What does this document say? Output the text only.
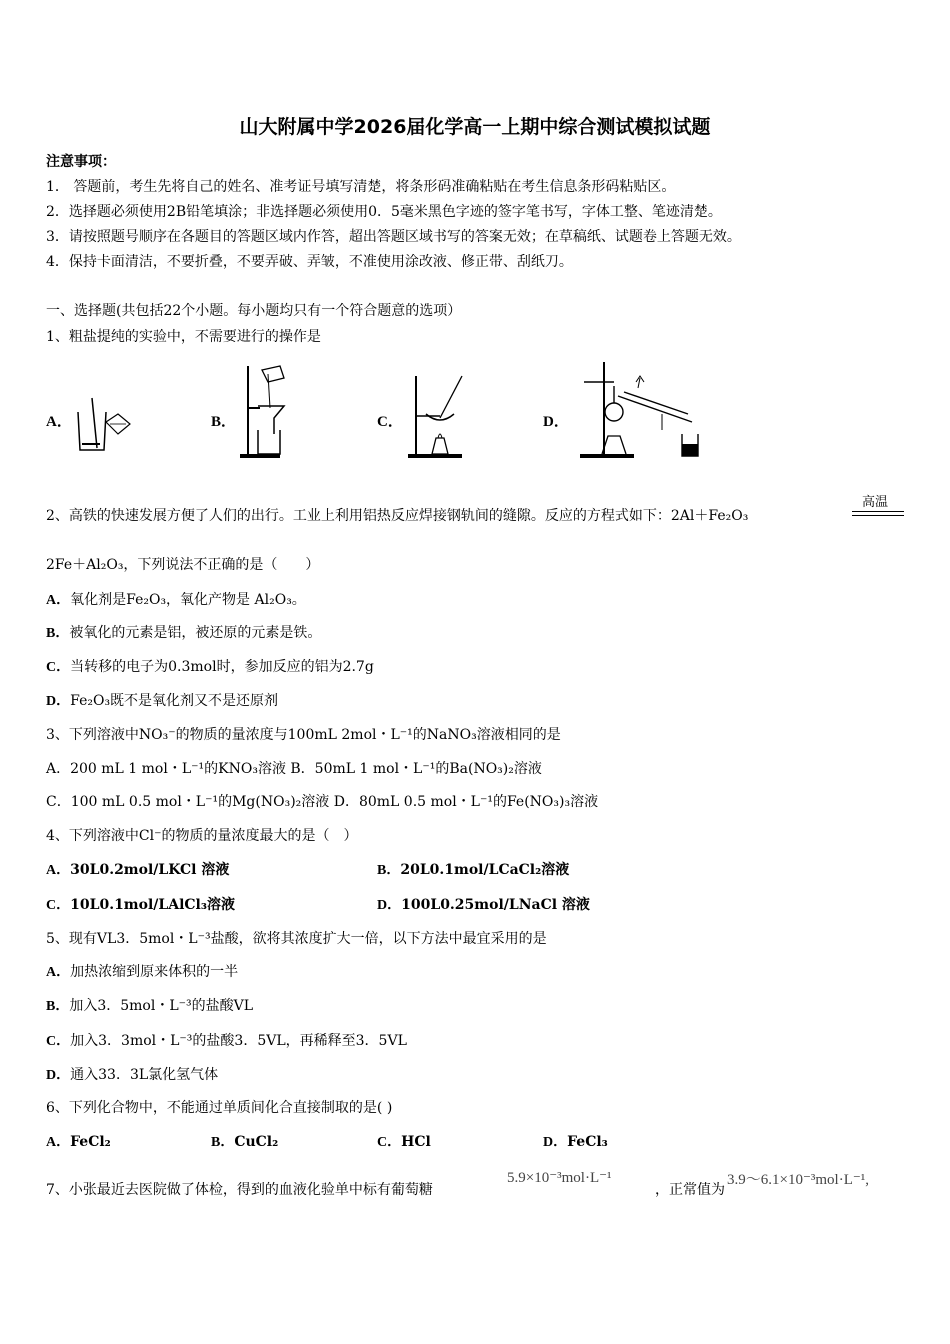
山大附属中学2026届化学高一上期中综合测试模拟试题
注意事项：
1． 答题前，考生先将自己的姓名、准考证号填写清楚，将条形码准确粘贴在考生信息条形码粘贴区。
2．选择题必须使用2B铅笔填涂；非选择题必须使用0．5毫米黑色字迹的签字笔书写，字体工整、笔迹清楚。
3．请按照题号顺序在各题目的答题区域内作答，超出答题区域书写的答案无效；在草稿纸、试题卷上答题无效。
4．保持卡面清洁，不要折叠，不要弄破、弄皱，不准使用涂改液、修正带、刮纸刀。
一、选择题(共包括22个小题。每小题均只有一个符合题意的选项）
1、粗盐提纯的实验中，不需要进行的操作是
A．	B．	C．	D．
2、高铁的快速发展方便了人们的出行。工业上利用铝热反应焊接钢轨间的缝隙。反应的方程式如下：2Al＋Fe₂O₃
高温
2Fe＋Al₂O₃，下列说法不正确的是（　　）
A．氧化剂是Fe₂O₃，氧化产物是 Al₂O₃。
B．被氧化的元素是铝，被还原的元素是铁。
C．当转移的电子为0.3mol时，参加反应的铝为2.7g
D．Fe₂O₃既不是氧化剂又不是还原剂
3、下列溶液中NO₃⁻的物质的量浓度与100mL 2mol・L⁻¹的NaNO₃溶液相同的是
A．200 mL 1 mol・L⁻¹的KNO₃溶液 B．50mL 1 mol・L⁻¹的Ba(NO₃)₂溶液
C．100 mL 0.5 mol・L⁻¹的Mg(NO₃)₂溶液 D．80mL 0.5 mol・L⁻¹的Fe(NO₃)₃溶液
4、下列溶液中Cl⁻的物质的量浓度最大的是（　）
A．30L0.2mol/LKCl 溶液	B．20L0.1mol/LCaCl₂溶液
C．10L0.1mol/LAlCl₃溶液	D．100L0.25mol/LNaCl 溶液
5、现有VL3．5mol・L⁻³盐酸，欲将其浓度扩大一倍，以下方法中最宜采用的是
A．加热浓缩到原来体积的一半
B．加入3．5mol・L⁻³的盐酸VL
C．加入3．3mol・L⁻³的盐酸3．5VL，再稀释至3．5VL
D．通入33．3L氯化氢气体
6、下列化合物中，不能通过单质间化合直接制取的是( )
A．FeCl₂	B．CuCl₂	C．HCl	D．FeCl₃
7、小张最近去医院做了体检，得到的血液化验单中标有葡萄糖
5.9×10⁻³mol·L⁻¹
，正常值为
3.9～6.1×10⁻³mol·L⁻¹,
